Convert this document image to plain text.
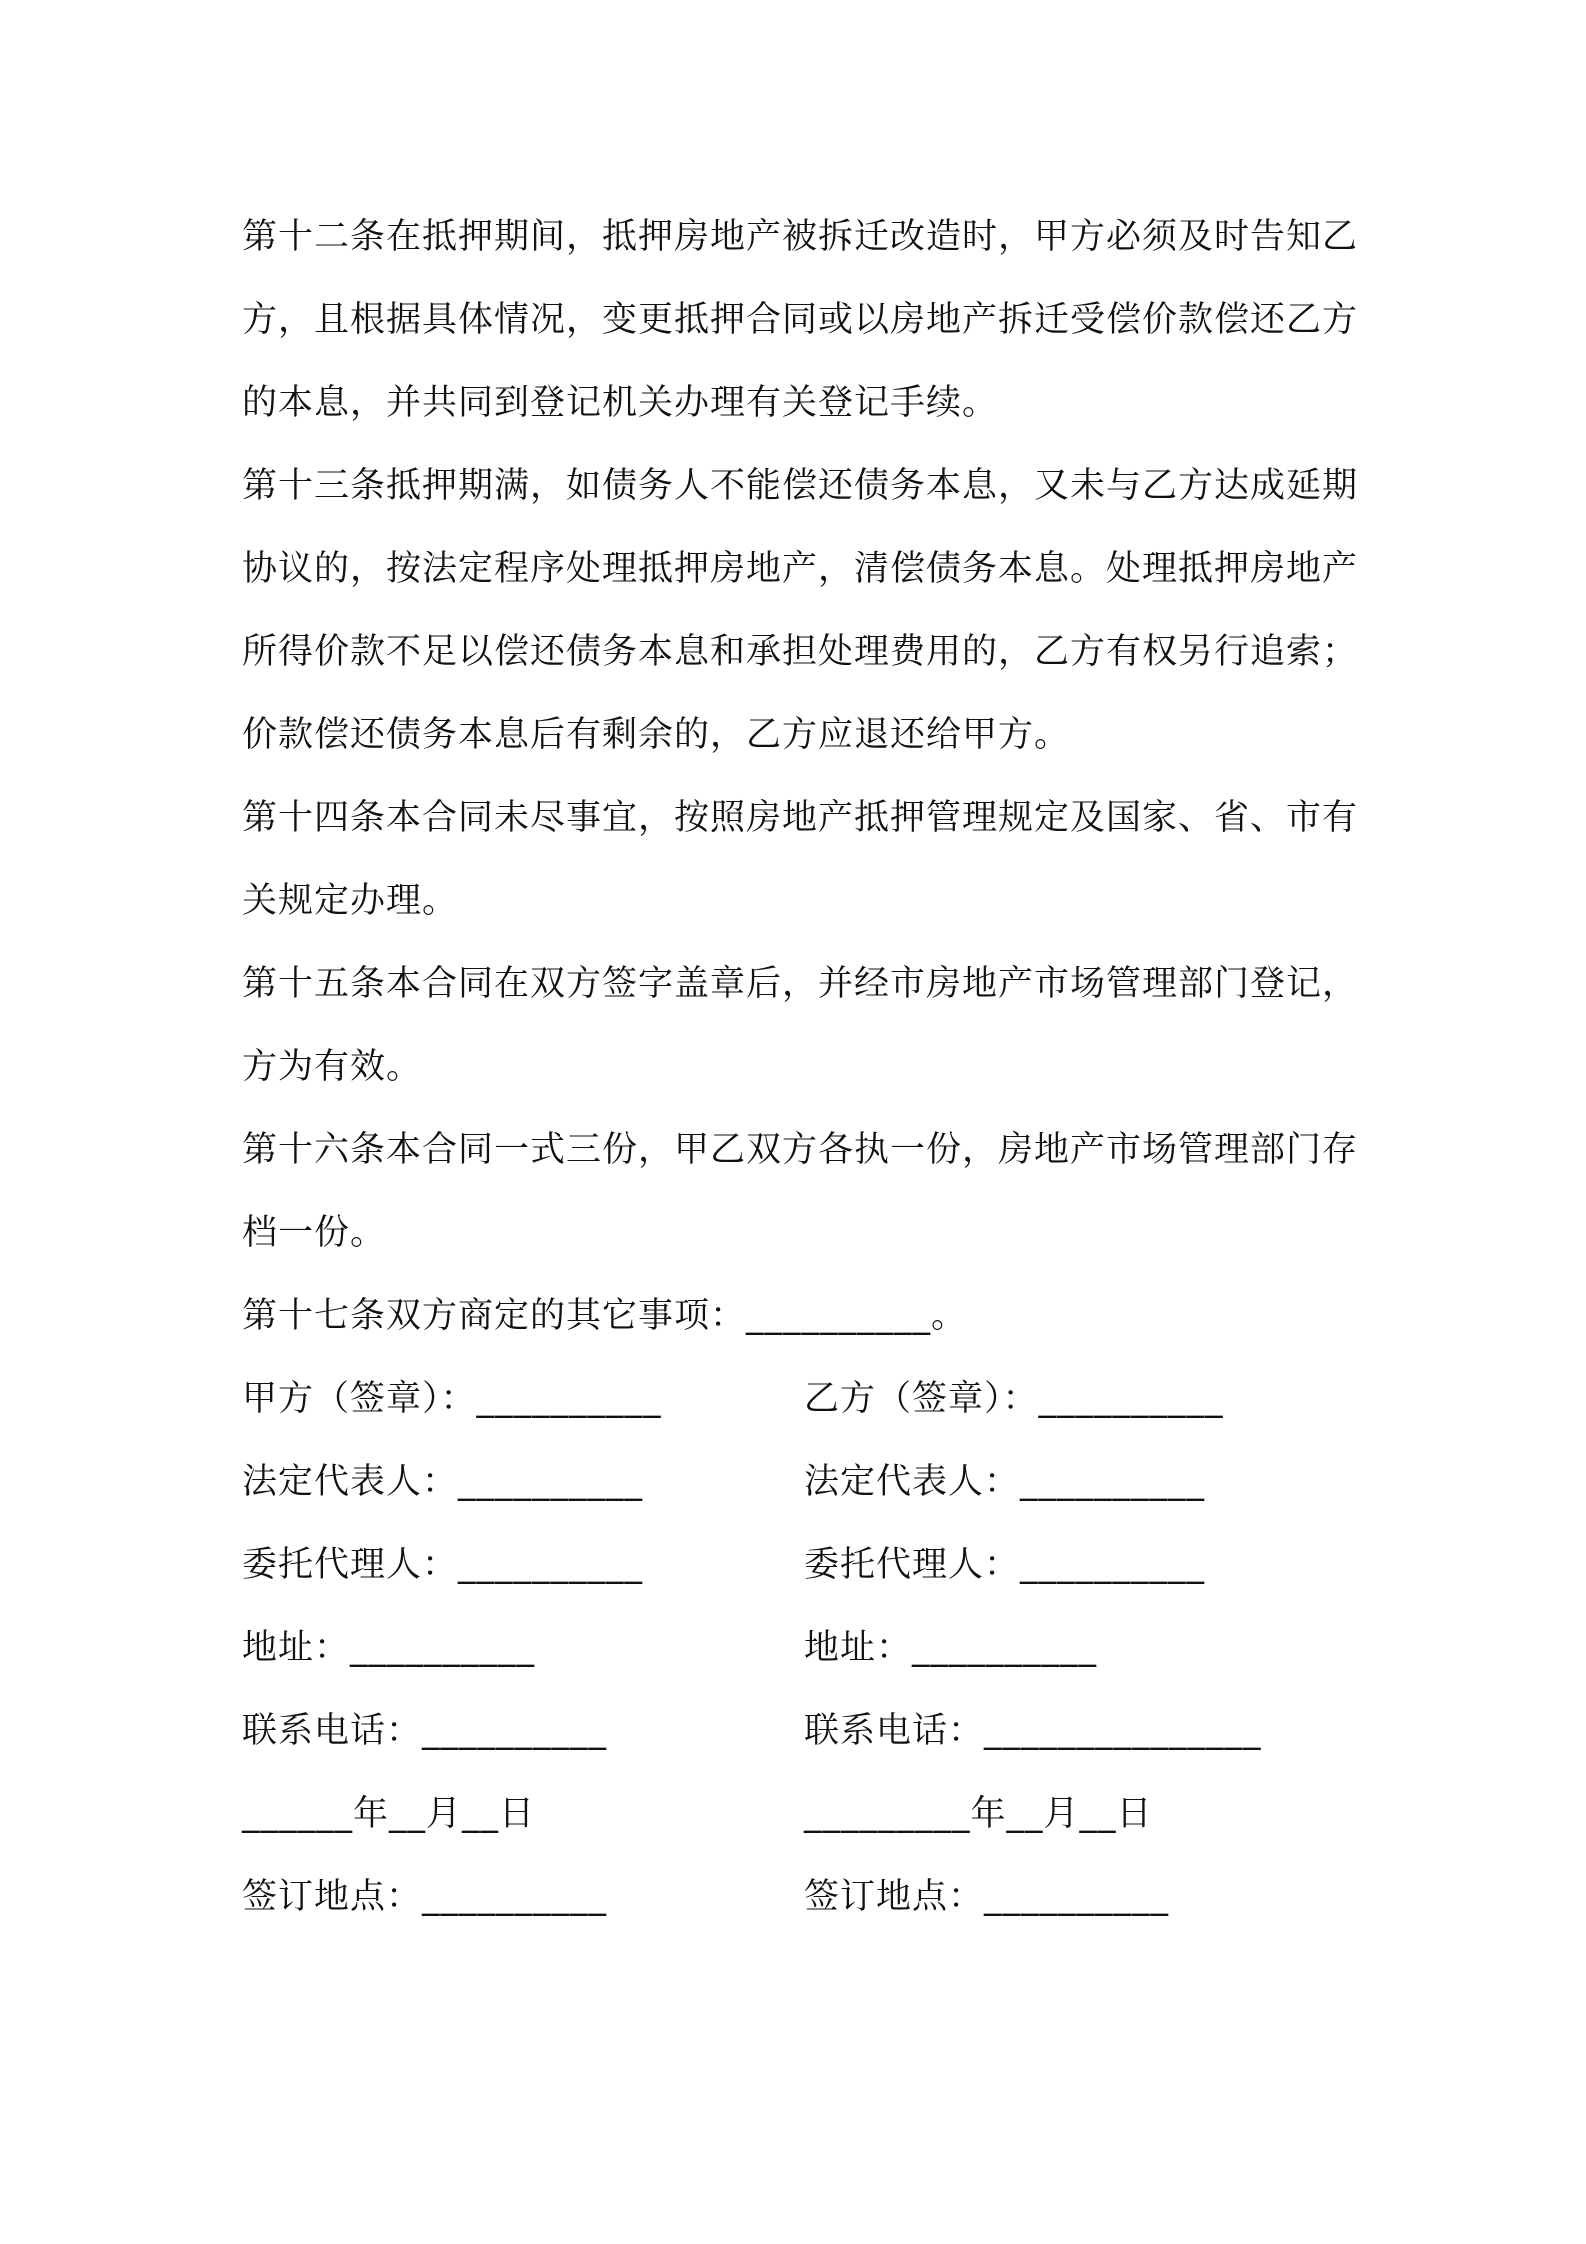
第十二条在抵押期间，抵押房地产被拆迁改造时，甲方必须及时告知乙方，且根据具体情况，变更抵押合同或以房地产拆迁受偿价款偿还乙方的本息，并共同到登记机关办理有关登记手续。

第十三条抵押期满，如债务人不能偿还债务本息，又未与乙方达成延期协议的，按法定程序处理抵押房地产，清偿债务本息。处理抵押房地产所得价款不足以偿还债务本息和承担处理费用的，乙方有权另行追索；价款偿还债务本息后有剩余的，乙方应退还给甲方。

第十四条本合同未尽事宜，按照房地产抵押管理规定及国家、省、市有关规定办理。

第十五条本合同在双方签字盖章后，并经市房地产市场管理部门登记，方为有效。

第十六条本合同一式三份，甲乙双方各执一份，房地产市场管理部门存档一份。

第十七条双方商定的其它事项：__________。

甲方（签章）：__________	乙方（签章）：__________
法定代表人：__________	法定代表人：__________
委托代理人：__________	委托代理人：__________
地址：__________	地址：__________
联系电话：__________	联系电话：_______________
______年__月__日	_________年__月__日
签订地点：__________	签订地点：__________
